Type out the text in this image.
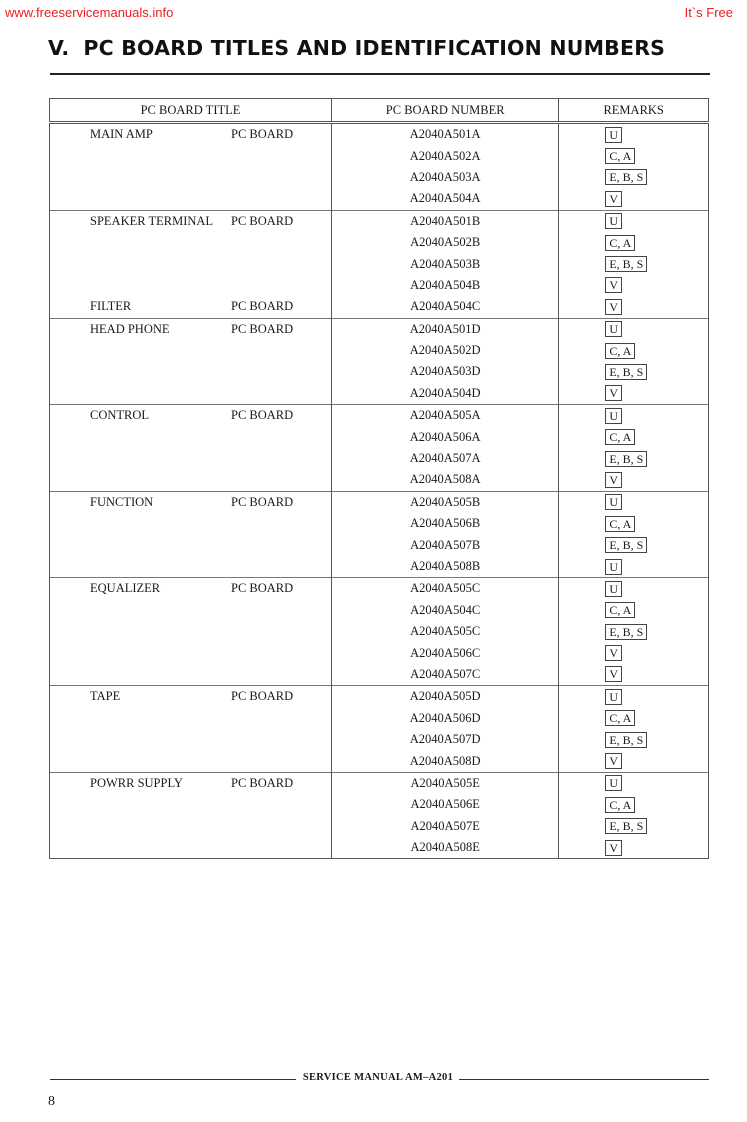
www.freeservicemanuals.info	It`s Free
V. PC BOARD TITLES AND IDENTIFICATION NUMBERS
PC BOARD TITLE	PC BOARD NUMBER	REMARKS

MAIN AMP PC BOARD	A2040A501A	U

	A2040A502A	C, A

	A2040A503A	E, B, S

	A2040A504A	V

SPEAKER TERMINAL PC BOARD	A2040A501B	U

	A2040A502B	C, A

	A2040A503B	E, B, S

	A2040A504B	V

FILTER PC BOARD	A2040A504C	V

HEAD PHONE PC BOARD	A2040A501D	U

	A2040A502D	C, A

	A2040A503D	E, B, S

	A2040A504D	V

CONTROL PC BOARD	A2040A505A	U

	A2040A506A	C, A

	A2040A507A	E, B, S

	A2040A508A	V

FUNCTION PC BOARD	A2040A505B	U

	A2040A506B	C, A

	A2040A507B	E, B, S

	A2040A508B	U

EQUALIZER PC BOARD	A2040A505C	U

	A2040A504C	C, A

	A2040A505C	E, B, S

	A2040A506C	V

	A2040A507C	V

TAPE PC BOARD	A2040A505D	U

	A2040A506D	C, A

	A2040A507D	E, B, S

	A2040A508D	V

POWRR SUPPLY PC BOARD	A2040A505E	U

	A2040A506E	C, A

	A2040A507E	E, B, S

	A2040A508E	V
SERVICE MANUAL AM–A201
8
